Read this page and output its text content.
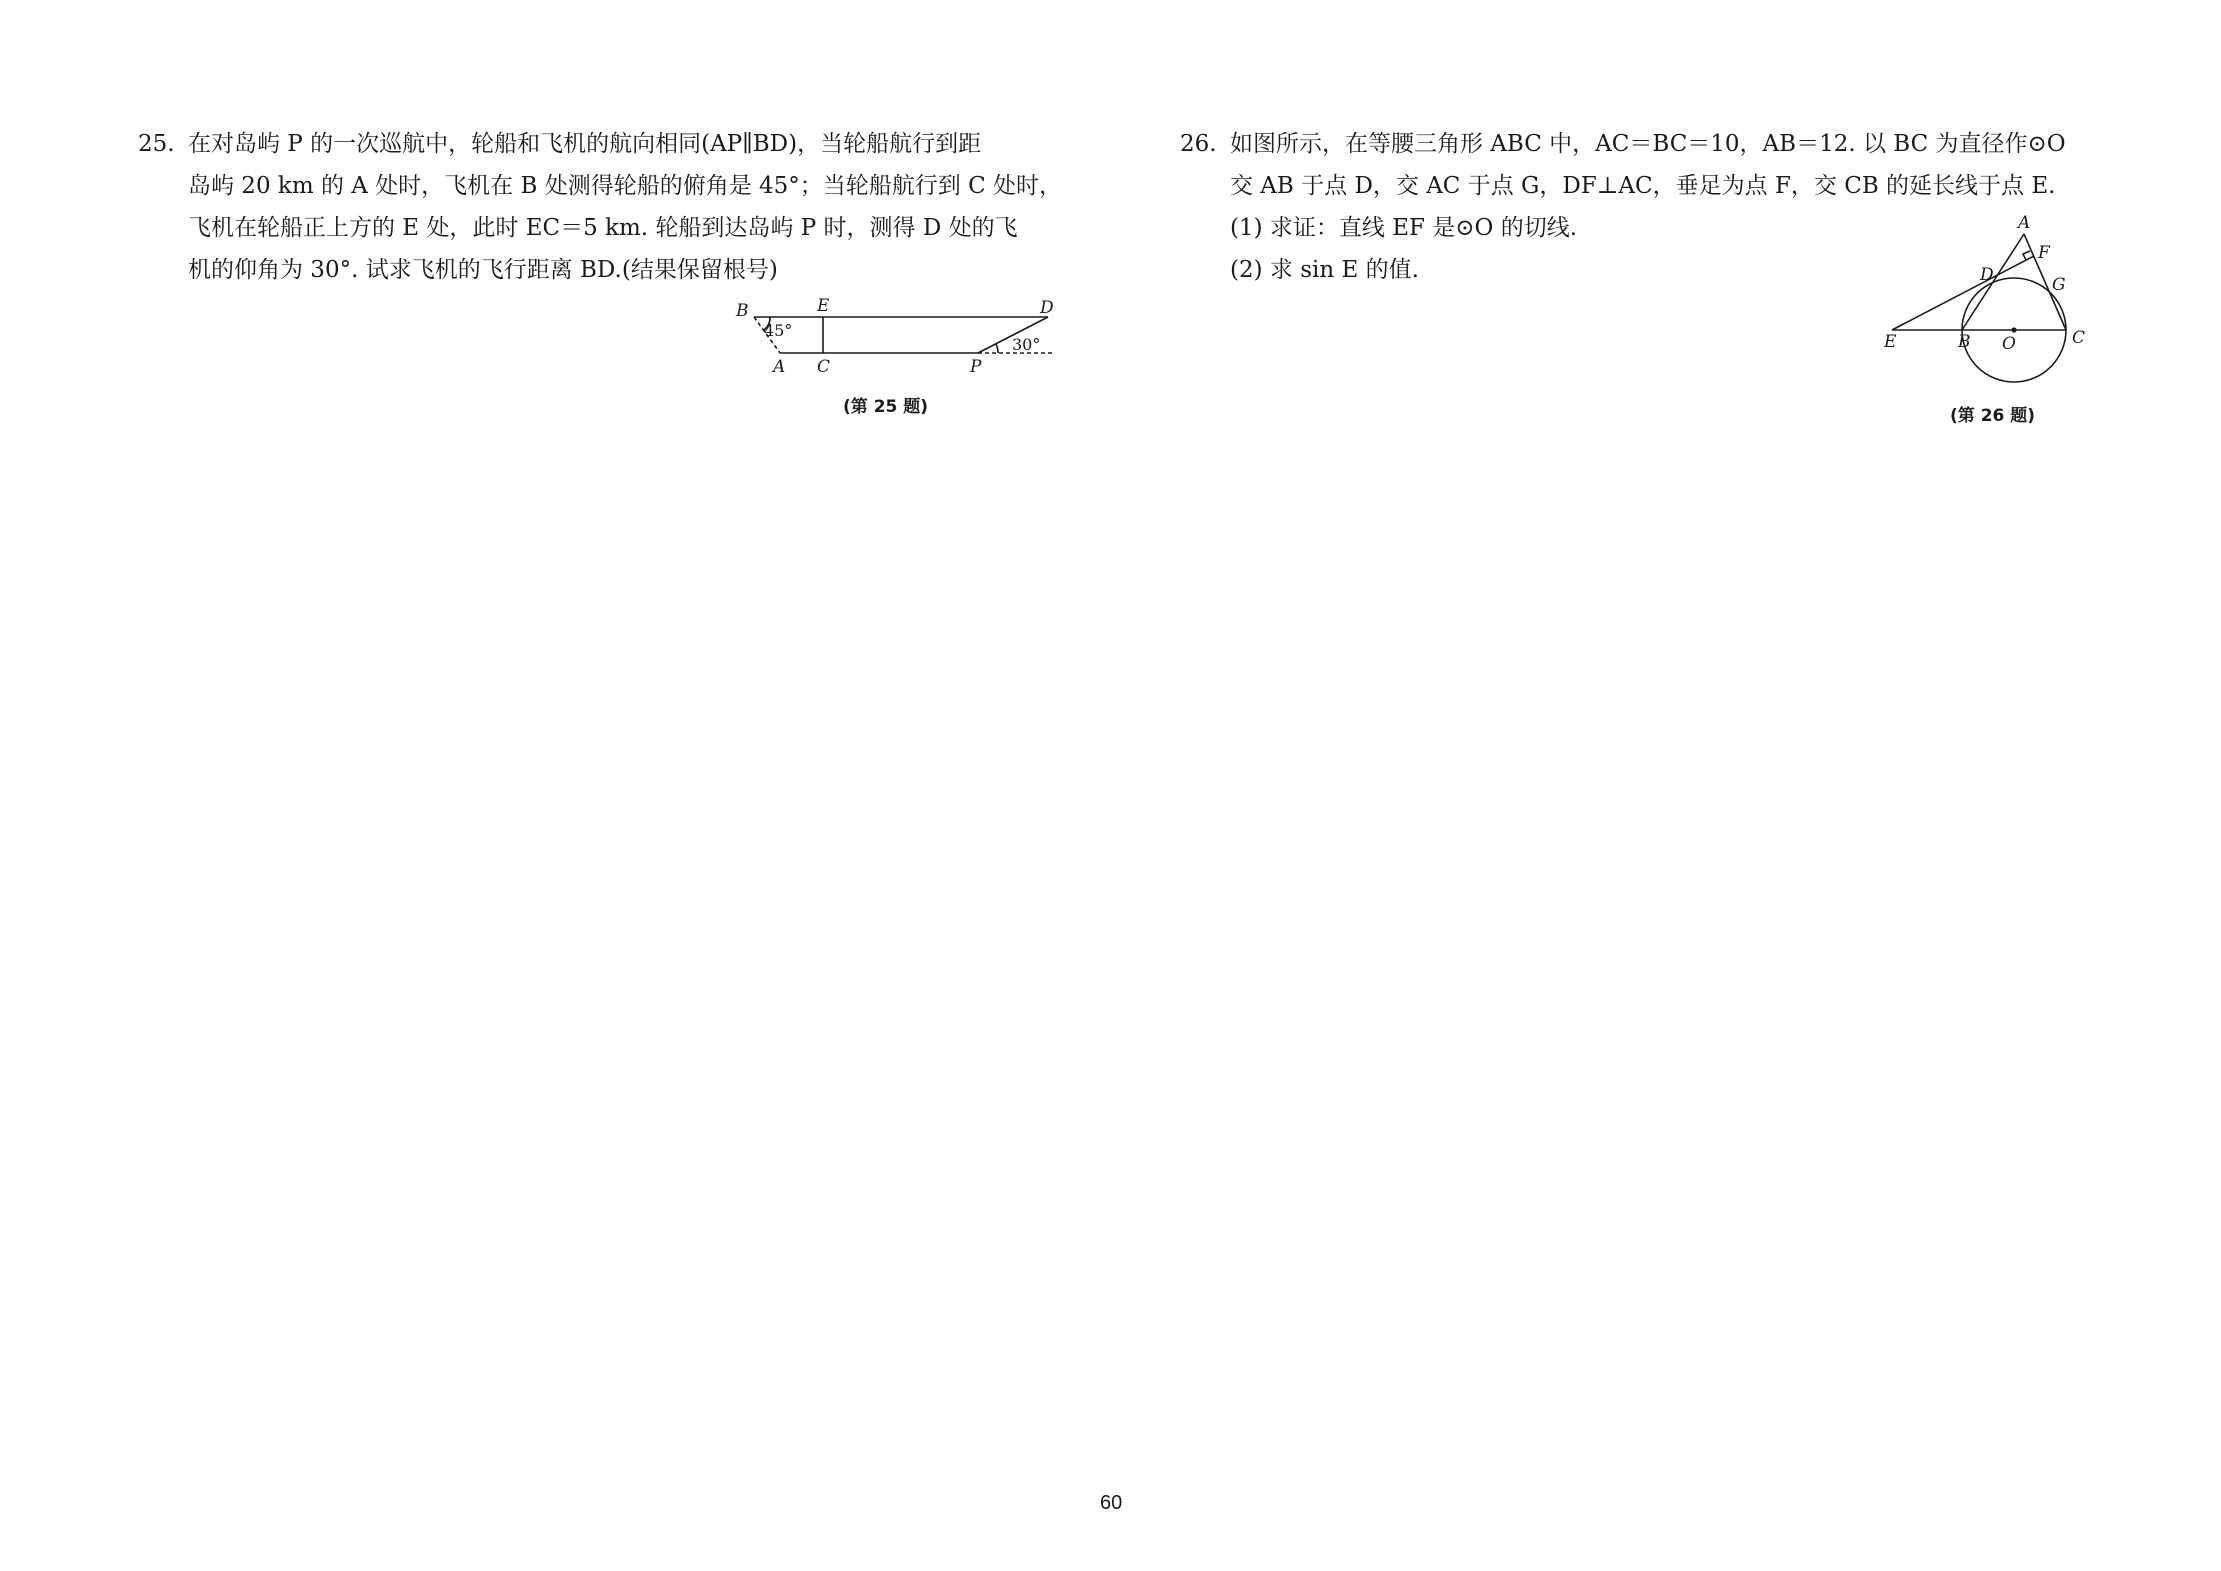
25. 在对岛屿 P 的一次巡航中，轮船和飞机的航向相同(AP∥BD)，当轮船航行到距
岛屿 20 km 的 A 处时，飞机在 B 处测得轮船的俯角是 45°；当轮船航行到 C 处时，
飞机在轮船正上方的 E 处，此时 EC＝5 km. 轮船到达岛屿 P 时，测得 D 处的飞
机的仰角为 30°. 试求飞机的飞行距离 BD.(结果保留根号)
B	E	D
A C	P
45°
30°
(第 25 题)
26. 如图所示，在等腰三角形 ABC 中，AC＝BC＝10，AB＝12. 以 BC 为直径作⊙O
交 AB 于点 D，交 AC 于点 G，DF⊥AC，垂足为点 F，交 CB 的延长线于点 E.

(1) 求证：直线 EF 是⊙O 的切线.

(2) 求 sin E 的值.

A
F
D	G
E	B O	C
(第 26 题)
60
